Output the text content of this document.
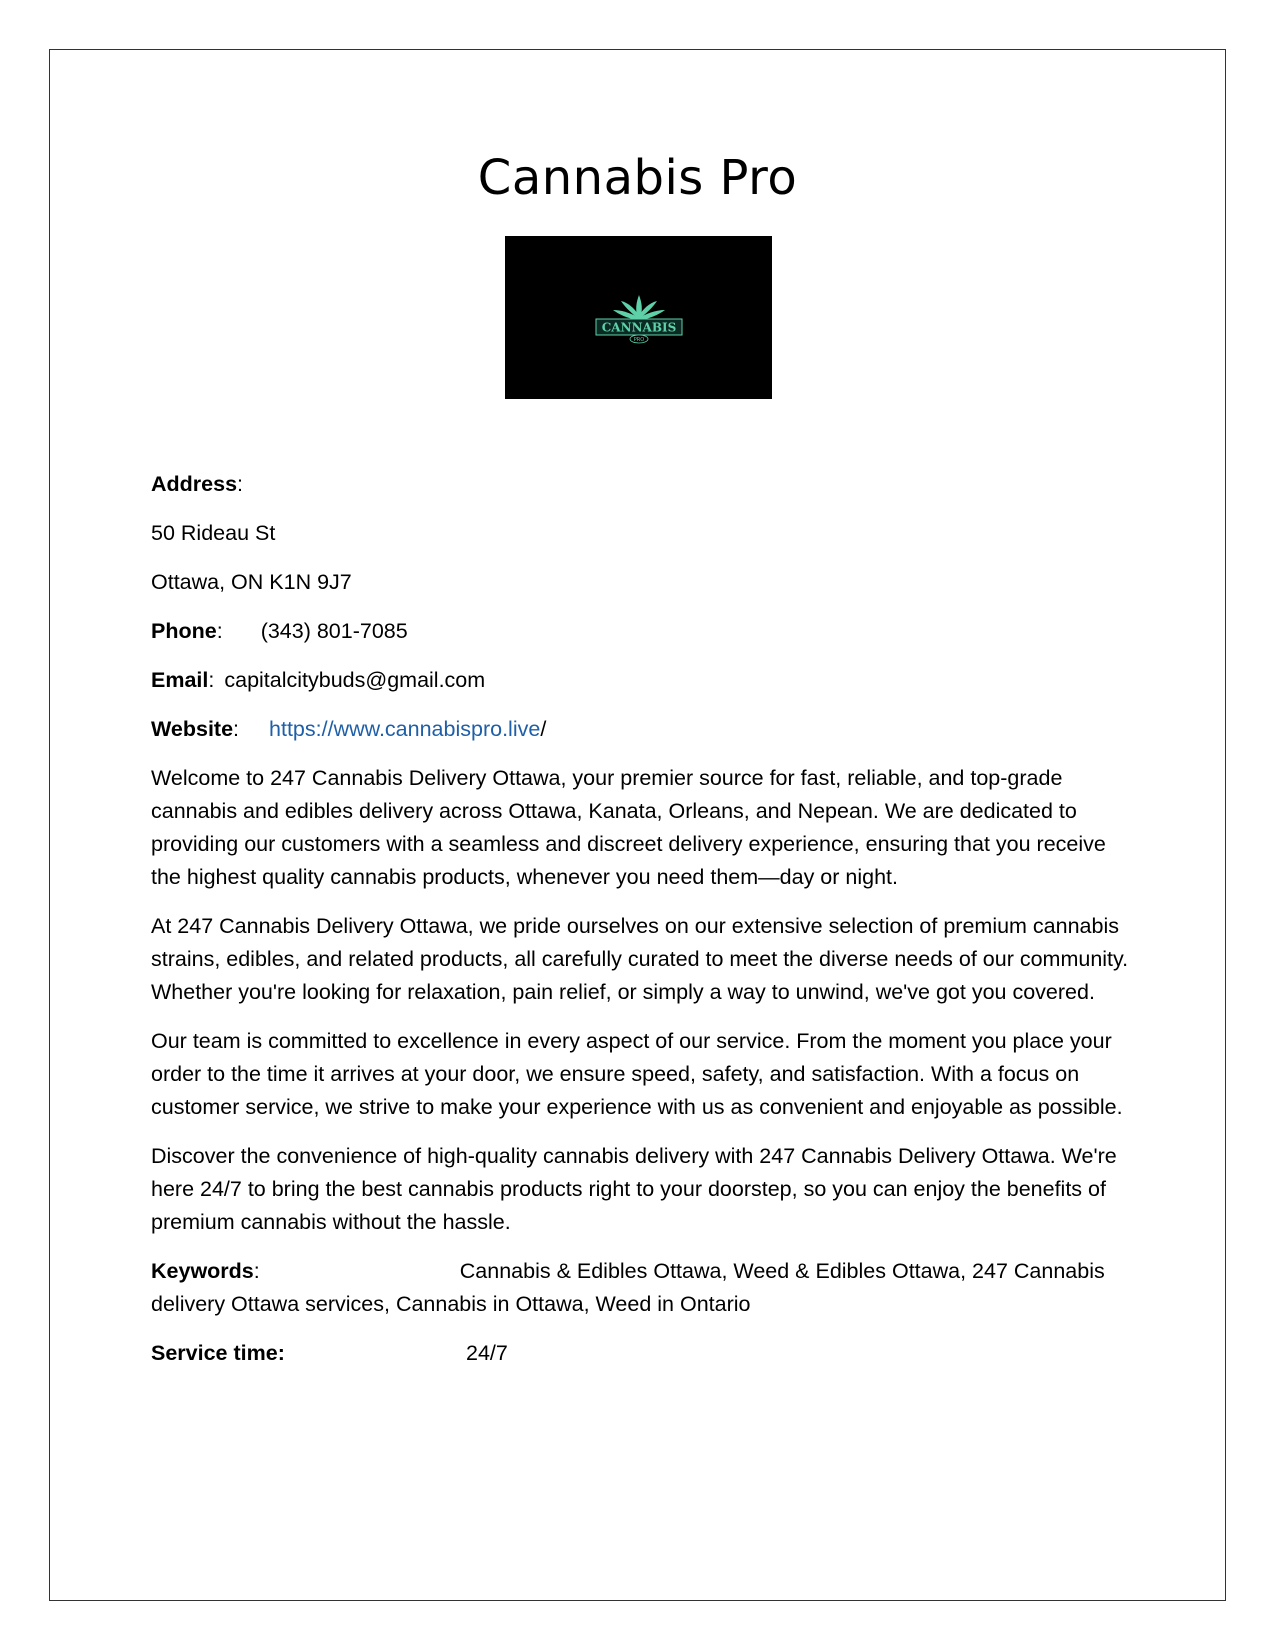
Cannabis Pro
CANNABIS
PRO
Address:
50 Rideau St
Ottawa, ON K1N 9J7
Phone: (343) 801-7085
Email: capitalcitybuds@gmail.com
Website: https://www.cannabispro.live/

Welcome to 247 Cannabis Delivery Ottawa, your premier source for fast, reliable, and top-grade cannabis and edibles delivery across Ottawa, Kanata, Orleans, and Nepean. We are dedicated to providing our customers with a seamless and discreet delivery experience, ensuring that you receive the highest quality cannabis products, whenever you need them—day or night.

At 247 Cannabis Delivery Ottawa, we pride ourselves on our extensive selection of premium cannabis strains, edibles, and related products, all carefully curated to meet the diverse needs of our community. Whether you're looking for relaxation, pain relief, or simply a way to unwind, we've got you covered.

Our team is committed to excellence in every aspect of our service. From the moment you place your order to the time it arrives at your door, we ensure speed, safety, and satisfaction. With a focus on customer service, we strive to make your experience with us as convenient and enjoyable as possible.

Discover the convenience of high-quality cannabis delivery with 247 Cannabis Delivery Ottawa. We're here 24/7 to bring the best cannabis products right to your doorstep, so you can enjoy the benefits of premium cannabis without the hassle.

Keywords:	Cannabis & Edibles Ottawa, Weed & Edibles Ottawa, 247 Cannabis delivery Ottawa services, Cannabis in Ottawa, Weed in Ontario

Service time:	24/7
